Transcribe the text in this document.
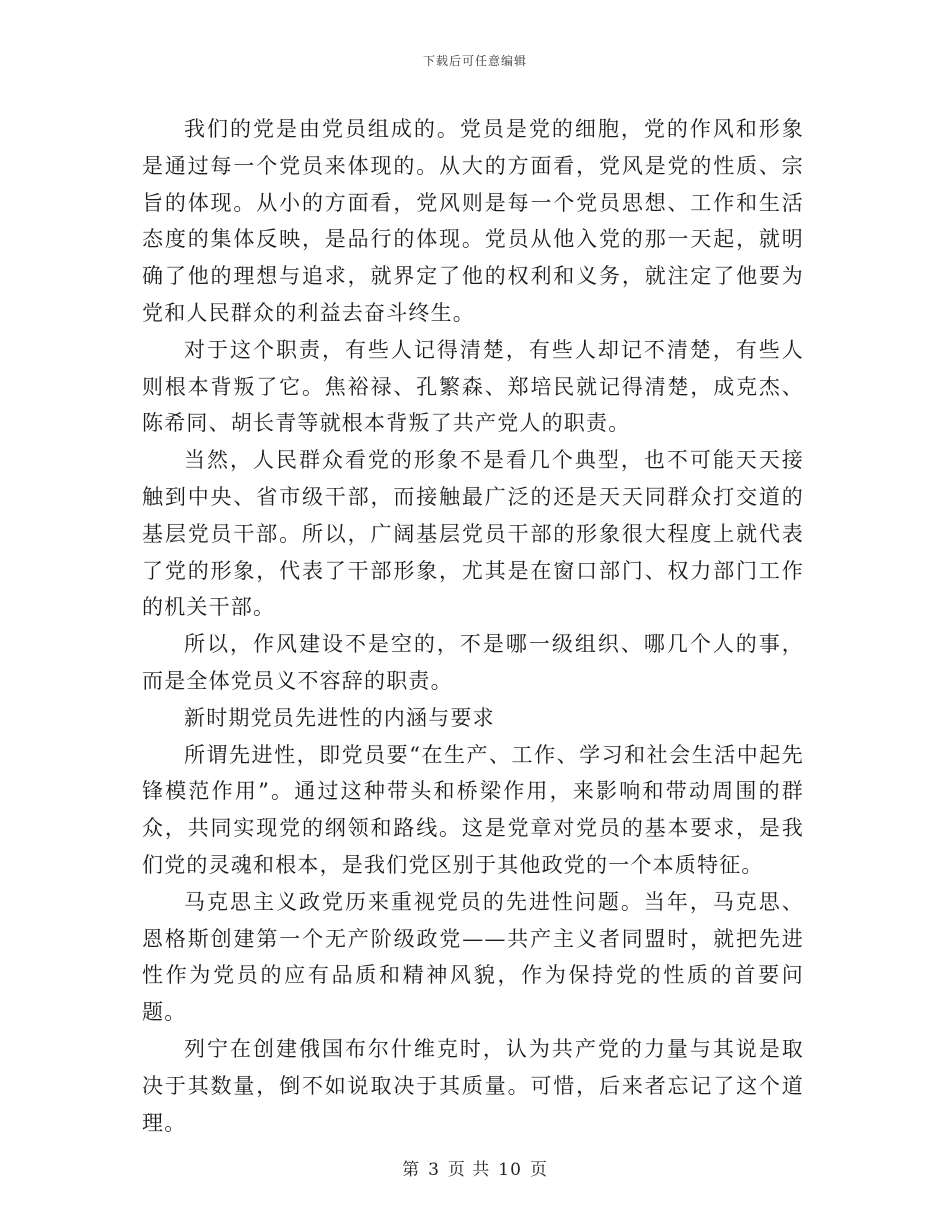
下载后可任意编辑

我们的党是由党员组成的。党员是党的细胞，党的作风和形象是通过每一个党员来体现的。从大的方面看，党风是党的性质、宗旨的体现。从小的方面看，党风则是每一个党员思想、工作和生活态度的集体反映，是品行的体现。党员从他入党的那一天起，就明确了他的理想与追求，就界定了他的权利和义务，就注定了他要为党和人民群众的利益去奋斗终生。

对于这个职责，有些人记得清楚，有些人却记不清楚，有些人则根本背叛了它。焦裕禄、孔繁森、郑培民就记得清楚，成克杰、陈希同、胡长青等就根本背叛了共产党人的职责。

当然，人民群众看党的形象不是看几个典型，也不可能天天接触到中央、省市级干部，而接触最广泛的还是天天同群众打交道的基层党员干部。所以，广阔基层党员干部的形象很大程度上就代表了党的形象，代表了干部形象，尤其是在窗口部门、权力部门工作的机关干部。

所以，作风建设不是空的，不是哪一级组织、哪几个人的事，而是全体党员义不容辞的职责。

新时期党员先进性的内涵与要求

所谓先进性，即党员要“在生产、工作、学习和社会生活中起先锋模范作用”。通过这种带头和桥梁作用，来影响和带动周围的群众，共同实现党的纲领和路线。这是党章对党员的基本要求，是我们党的灵魂和根本，是我们党区别于其他政党的一个本质特征。

马克思主义政党历来重视党员的先进性问题。当年，马克思、恩格斯创建第一个无产阶级政党——共产主义者同盟时，就把先进性作为党员的应有品质和精神风貌，作为保持党的性质的首要问题。

列宁在创建俄国布尔什维克时，认为共产党的力量与其说是取决于其数量，倒不如说取决于其质量。可惜，后来者忘记了这个道理。

第 3 页 共 10 页
